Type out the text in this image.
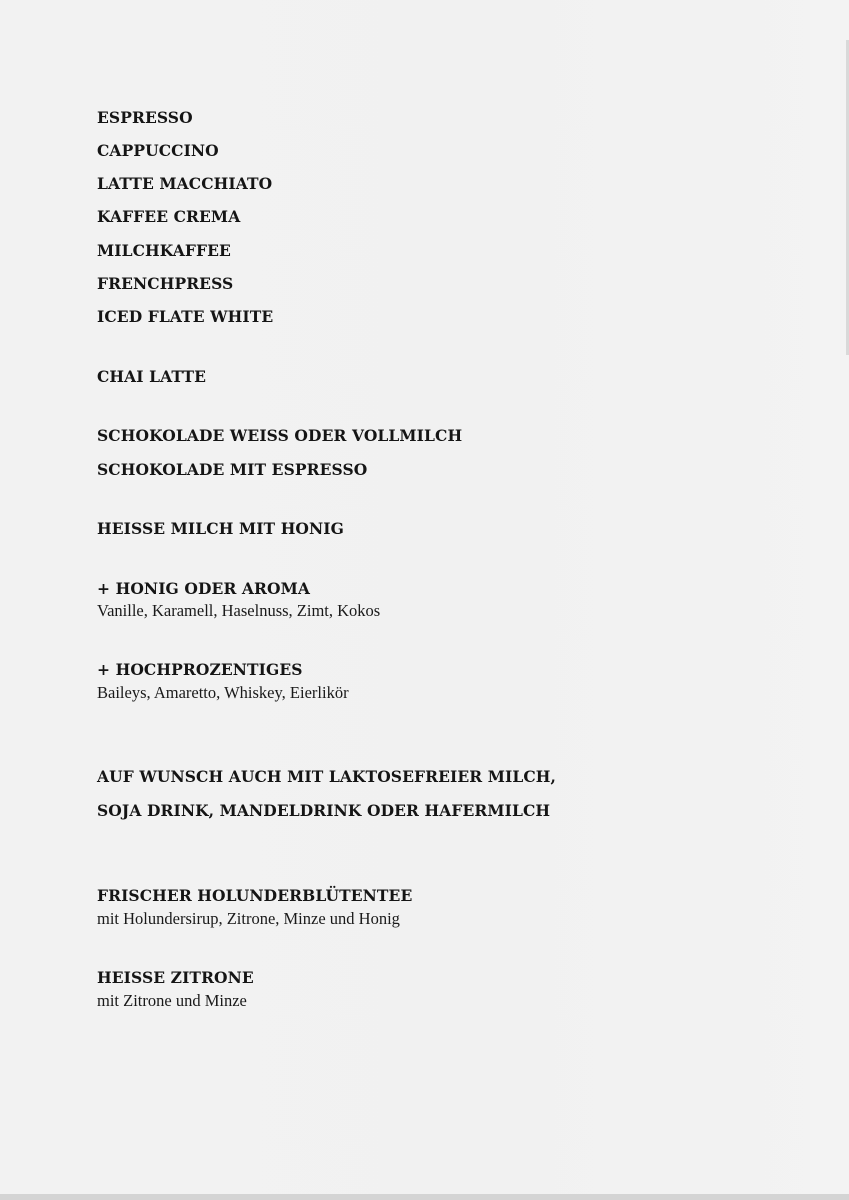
ESPRESSO
CAPPUCCINO
LATTE MACCHIATO
KAFFEE CREMA
MILCHKAFFEE
FRENCHPRESS
ICED FLATE WHITE
CHAI LATTE
SCHOKOLADE WEISS ODER VOLLMILCH
SCHOKOLADE MIT ESPRESSO
HEISSE MILCH MIT HONIG
+ HONIG ODER AROMA
Vanille, Karamell, Haselnuss, Zimt, Kokos
+ HOCHPROZENTIGES
Baileys, Amaretto, Whiskey, Eierlikör
AUF WUNSCH AUCH MIT LAKTOSEFREIER MILCH,
SOJA DRINK, MANDELDRINK ODER HAFERMILCH
FRISCHER HOLUNDERBLÜTENTEE
mit Holundersirup, Zitrone, Minze und Honig
HEISSE ZITRONE
mit Zitrone und Minze
